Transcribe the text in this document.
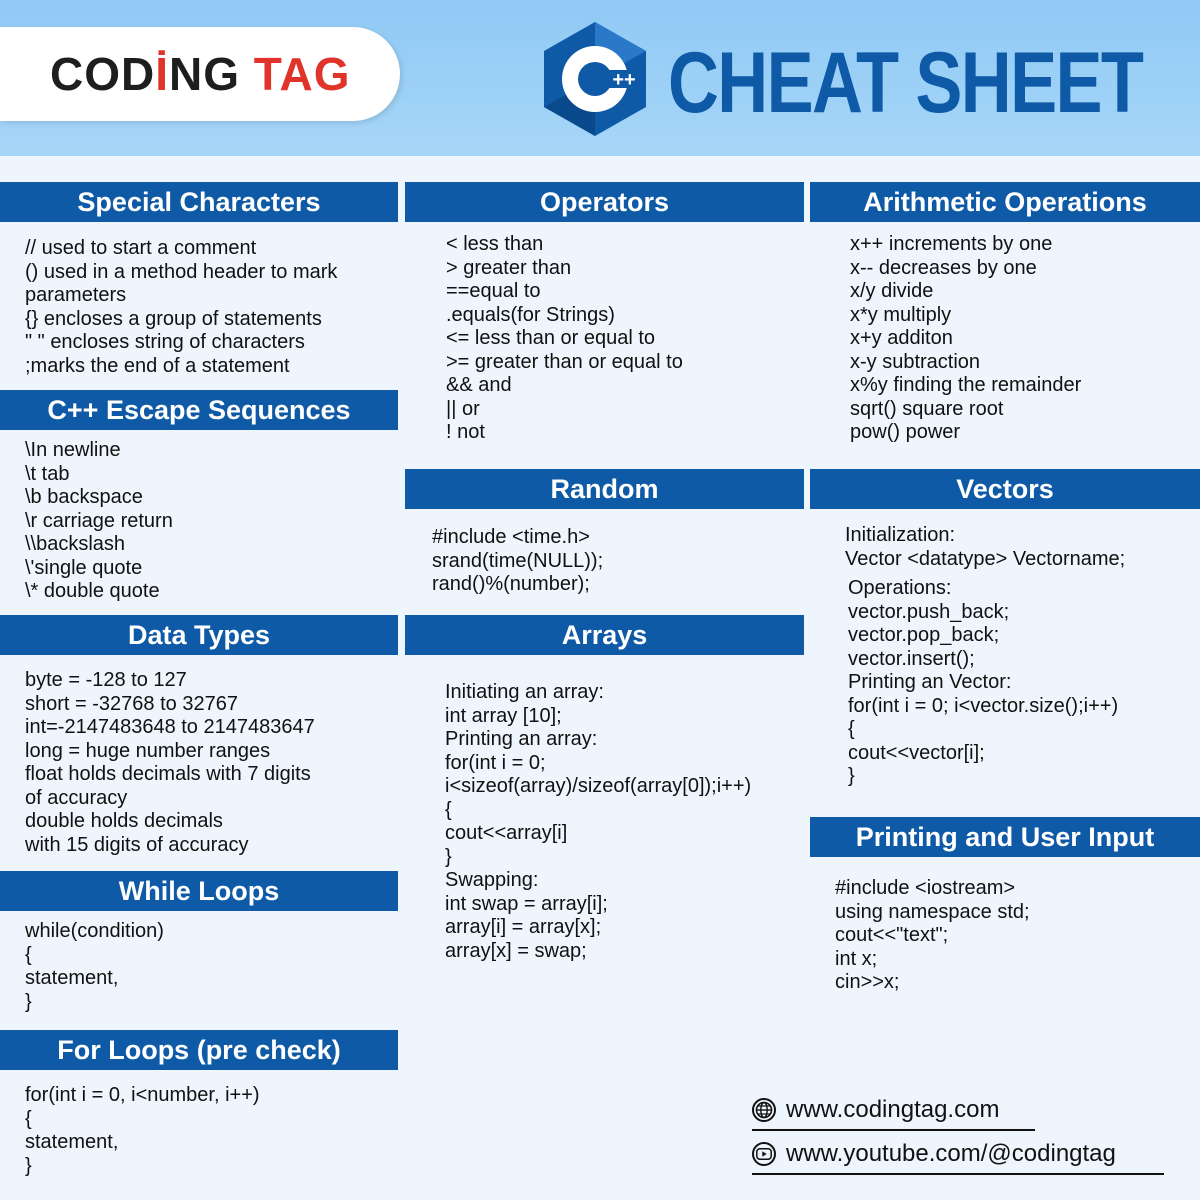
CODİNG TAG	++ CHEAT SHEET
Special Characters
// used to start a comment
() used in a method header to mark
parameters
{} encloses a group of statements
" " encloses string of characters
;marks the end of a statement
C++ Escape Sequences
\In newline
\t tab
\b backspace
\r carriage return
\\backslash
\'single quote
\* double quote
Data Types
byte = -128 to 127
short = -32768 to 32767
int=-2147483648 to 2147483647
long = huge number ranges
float holds decimals with 7 digits
of accuracy
double holds decimals
with 15 digits of accuracy
While Loops
while(condition)
{
statement,
}
For Loops (pre check)
for(int i = 0, i<number, i++)
{
statement,
}
Operators
< less than
> greater than
==equal to
.equals(for Strings)
<= less than or equal to
>= greater than or equal to
&& and
|| or
! not
Random
#include <time.h>
srand(time(NULL));
rand()%(number);
Arrays
Initiating an array:
int array [10];
Printing an array:
for(int i = 0;
i<sizeof(array)/sizeof(array[0]);i++)
{
cout<<array[i]
}
Swapping:
int swap = array[i];
array[i] = array[x];
array[x] = swap;
Arithmetic Operations
x++ increments by one
x-- decreases by one
x/y divide
x*y multiply
x+y additon
x-y subtraction
x%y finding the remainder
sqrt() square root
pow() power
Vectors
Initialization:
Vector <datatype> Vectorname;
Operations:
vector.push_back;
vector.pop_back;
vector.insert();
Printing an Vector:
for(int i = 0; i<vector.size();i++)
{
cout<<vector[i];
}
Printing and User Input
#include <iostream>
using namespace std;
cout<<"text";
int x;
cin>>x;
www.codingtag.com
www.youtube.com/@codingtag
